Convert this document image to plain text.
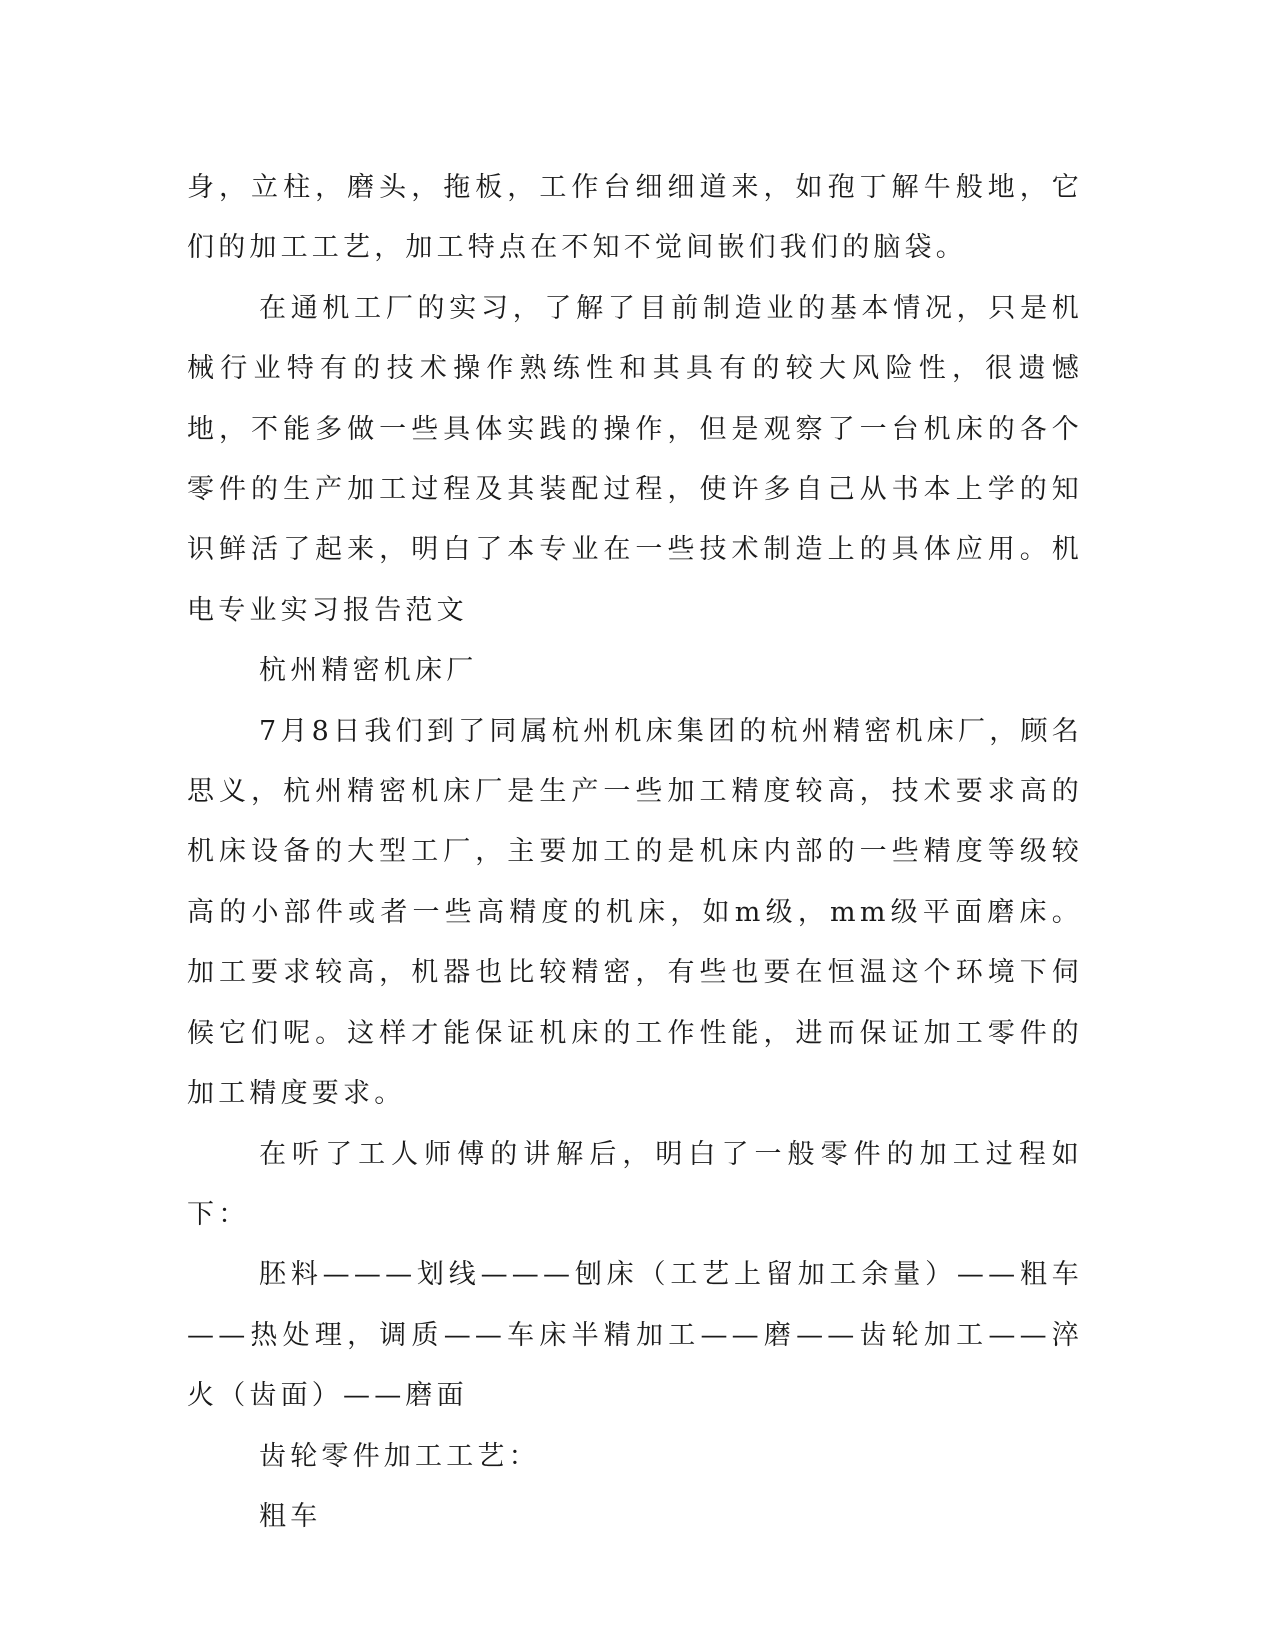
身，立柱，磨头，拖板，工作台细细道来，如孢丁解牛般地，它们的加工工艺，加工特点在不知不觉间嵌们我们的脑袋。

在通机工厂的实习，了解了目前制造业的基本情况，只是机械行业特有的技术操作熟练性和其具有的较大风险性，很遗憾地，不能多做一些具体实践的操作，但是观察了一台机床的各个零件的生产加工过程及其装配过程，使许多自己从书本上学的知识鲜活了起来，明白了本专业在一些技术制造上的具体应用。机电专业实习报告范文

杭州精密机床厂

7月8日我们到了同属杭州机床集团的杭州精密机床厂，顾名思义，杭州精密机床厂是生产一些加工精度较高，技术要求高的机床设备的大型工厂，主要加工的是机床内部的一些精度等级较高的小部件或者一些高精度的机床，如m级，mm级平面磨床。加工要求较高，机器也比较精密，有些也要在恒温这个环境下伺候它们呢。这样才能保证机床的工作性能，进而保证加工零件的加工精度要求。

在听了工人师傅的讲解后，明白了一般零件的加工过程如下：

胚料———划线———刨床（工艺上留加工余量）——粗车——热处理，调质——车床半精加工——磨——齿轮加工——淬火（齿面）——磨面

齿轮零件加工工艺：

粗车
